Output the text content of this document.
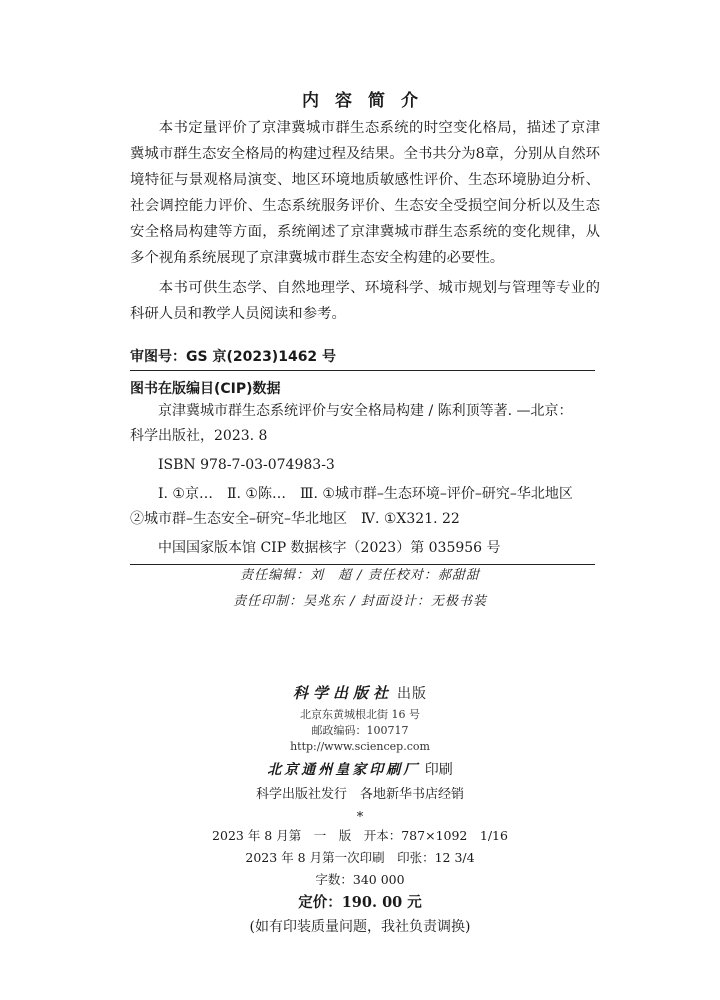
内容简介

本书定量评价了京津冀城市群生态系统的时空变化格局，描述了京津冀城市群生态安全格局的构建过程及结果。全书共分为8章，分别从自然环境特征与景观格局演变、地区环境地质敏感性评价、生态环境胁迫分析、社会调控能力评价、生态系统服务评价、生态安全受损空间分析以及生态安全格局构建等方面，系统阐述了京津冀城市群生态系统的变化规律，从多个视角系统展现了京津冀城市群生态安全构建的必要性。

本书可供生态学、自然地理学、环境科学、城市规划与管理等专业的科研人员和教学人员阅读和参考。

审图号：GS 京(2023)1462 号
图书在版编目(CIP)数据
京津冀城市群生态系统评价与安全格局构建 / 陈利顶等著. —北京：
科学出版社，2023. 8
ISBN 978-7-03-074983-3
Ⅰ. ①京…　Ⅱ. ①陈…　Ⅲ. ①城市群–生态环境–评价–研究–华北地区
②城市群–生态安全–研究–华北地区　Ⅳ. ①X321. 22
中国国家版本馆 CIP 数据核字（2023）第 035956 号
责任编辑：刘　超 / 责任校对：郝甜甜
责任印制：吴兆东 / 封面设计：无极书装
科学出版社 出版
北京东黄城根北街 16 号
邮政编码：100717
http://www.sciencep.com
北京通州皇家印刷厂 印刷
科学出版社发行　各地新华书店经销
*
2023 年 8 月第　一　版　开本：787×1092　1/16
2023 年 8 月第一次印刷　印张：12 3/4
字数：340 000
定价：190. 00 元
(如有印装质量问题，我社负责调换)
